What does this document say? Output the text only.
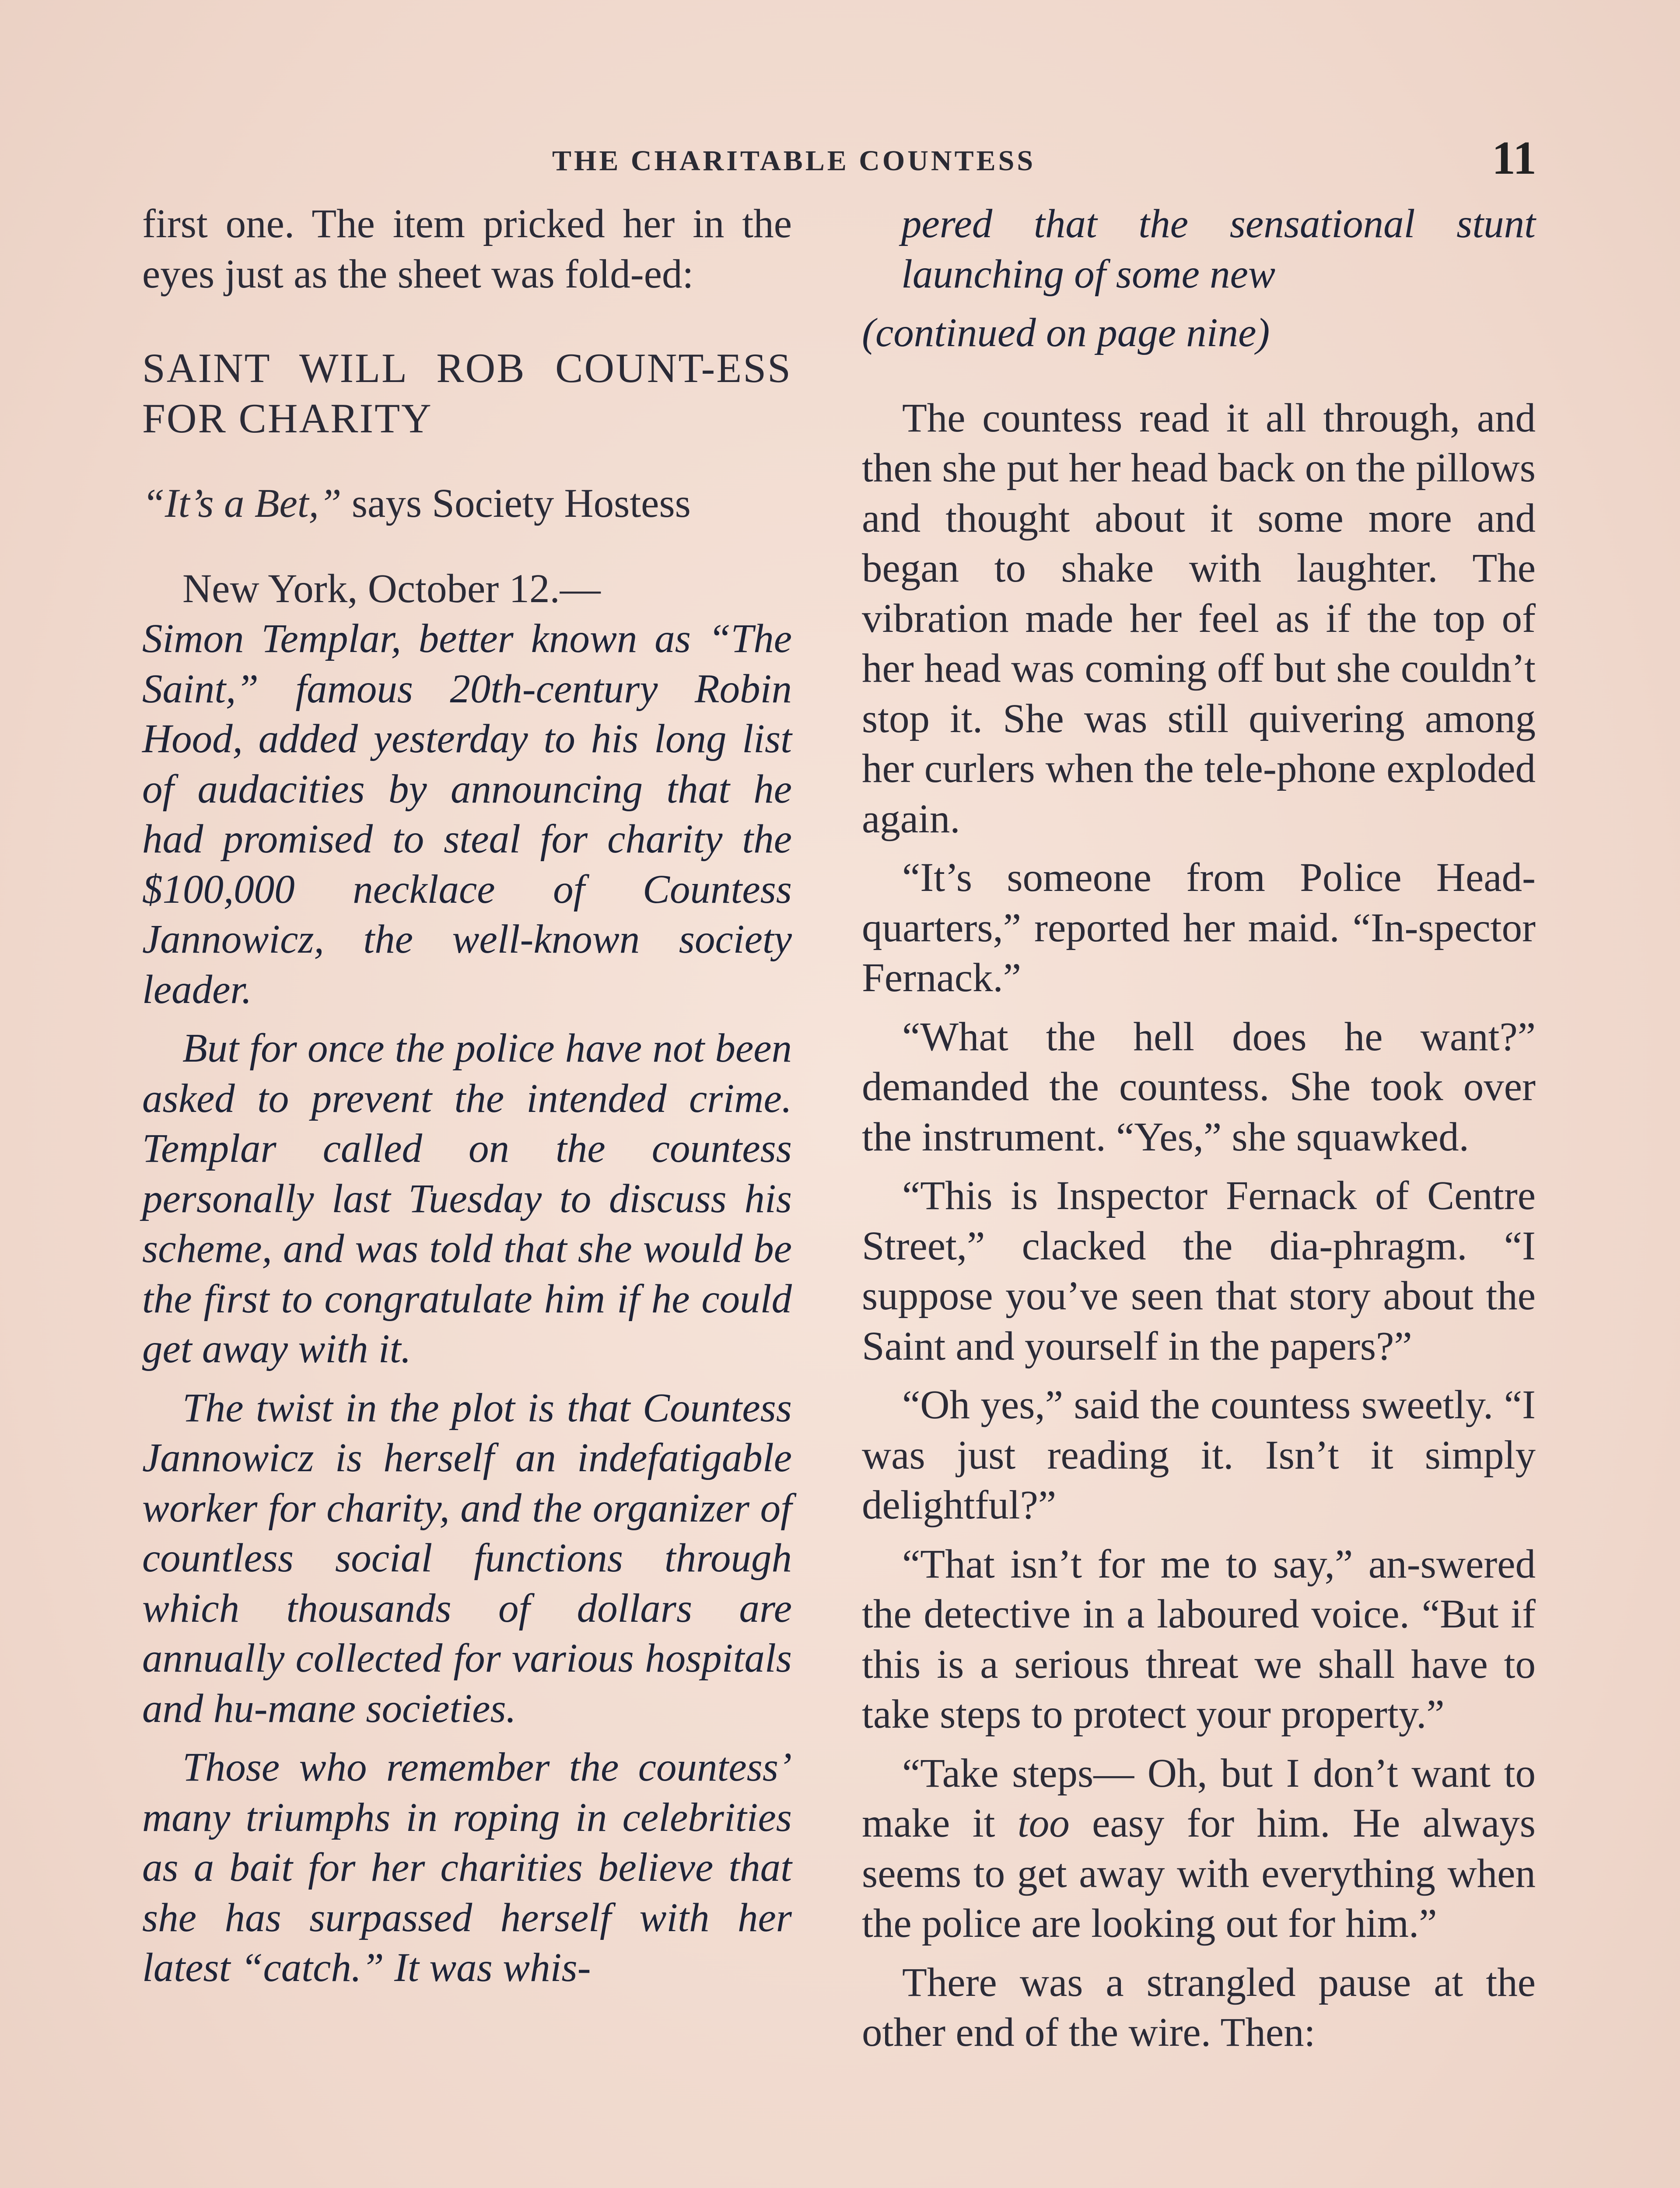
THE CHARITABLE COUNTESS	11

first one. The item pricked her in the eyes just as the sheet was fold-ed:

SAINT WILL ROB COUNT-ESS FOR CHARITY

“It’s a Bet,” says Society Hostess

New York, October 12.—

Simon Templar, better known as “The Saint,” famous 20th-century Robin Hood, added yesterday to his long list of audacities by announcing that he had promised to steal for charity the $100,000 necklace of Countess Jannowicz, the well-known society leader.

But for once the police have not been asked to prevent the intended crime. Templar called on the countess personally last Tuesday to discuss his scheme, and was told that she would be the first to congratulate him if he could get away with it.

The twist in the plot is that Countess Jannowicz is herself an indefatigable worker for charity, and the organizer of countless social functions through which thousands of dollars are annually collected for various hospitals and hu-mane societies.

Those who remember the countess’ many triumphs in roping in celebrities as a bait for her charities believe that she has surpassed herself with her latest “catch.” It was whis-

pered that the sensational stunt launching of some new

(continued on page nine)

The countess read it all through, and then she put her head back on the pillows and thought about it some more and began to shake with laughter. The vibration made her feel as if the top of her head was coming off but she couldn’t stop it. She was still quivering among her curlers when the tele-phone exploded again.

“It’s someone from Police Head-quarters,” reported her maid. “In-spector Fernack.”

“What the hell does he want?” demanded the countess. She took over the instrument. “Yes,” she squawked.

“This is Inspector Fernack of Centre Street,” clacked the dia-phragm. “I suppose you’ve seen that story about the Saint and yourself in the papers?”

“Oh yes,” said the countess sweetly. “I was just reading it. Isn’t it simply delightful?”

“That isn’t for me to say,” an-swered the detective in a laboured voice. “But if this is a serious threat we shall have to take steps to protect your property.”

“Take steps— Oh, but I don’t want to make it too easy for him. He always seems to get away with everything when the police are looking out for him.”

There was a strangled pause at the other end of the wire. Then:
